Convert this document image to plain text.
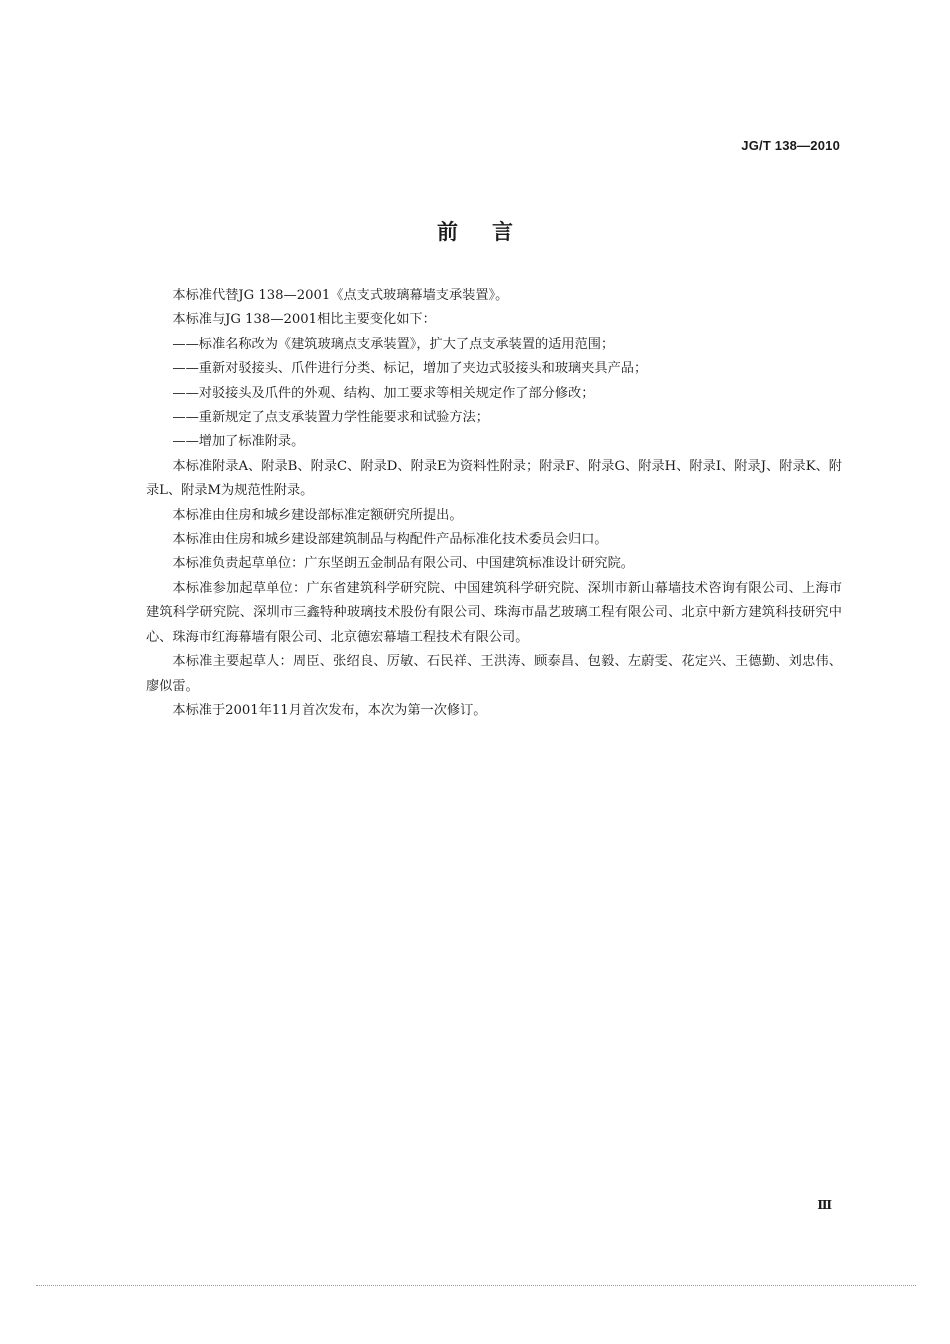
JG/T 138—2010
前言

本标准代替JG 138—2001《点支式玻璃幕墙支承装置》。

本标准与JG 138—2001相比主要变化如下：

——标准名称改为《建筑玻璃点支承装置》，扩大了点支承装置的适用范围；

——重新对驳接头、爪件进行分类、标记，增加了夹边式驳接头和玻璃夹具产品；

——对驳接头及爪件的外观、结构、加工要求等相关规定作了部分修改；

——重新规定了点支承装置力学性能要求和试验方法；

——增加了标准附录。

本标准附录A、附录B、附录C、附录D、附录E为资料性附录；附录F、附录G、附录H、附录I、附录J、附录K、附录L、附录M为规范性附录。

本标准由住房和城乡建设部标准定额研究所提出。

本标准由住房和城乡建设部建筑制品与构配件产品标准化技术委员会归口。

本标准负责起草单位：广东坚朗五金制品有限公司、中国建筑标准设计研究院。

本标准参加起草单位：广东省建筑科学研究院、中国建筑科学研究院、深圳市新山幕墙技术咨询有限公司、上海市建筑科学研究院、深圳市三鑫特种玻璃技术股份有限公司、珠海市晶艺玻璃工程有限公司、北京中新方建筑科技研究中心、珠海市红海幕墙有限公司、北京德宏幕墙工程技术有限公司。

本标准主要起草人：周臣、张绍良、厉敏、石民祥、王洪涛、顾泰昌、包毅、左蔚雯、花定兴、王德勤、刘忠伟、廖似雷。

本标准于2001年11月首次发布，本次为第一次修订。

Ⅲ
